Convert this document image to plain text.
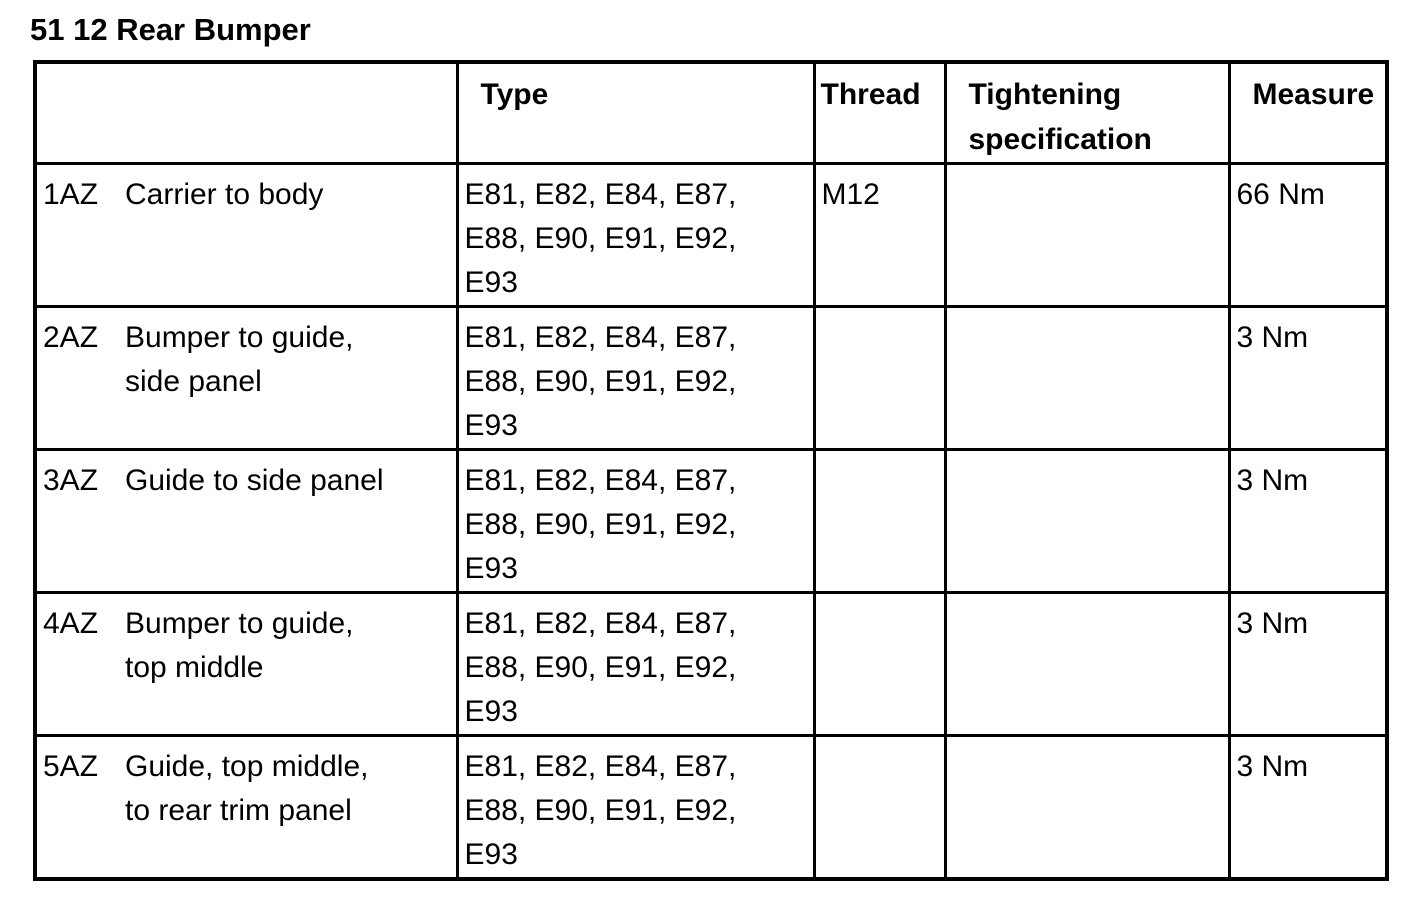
51 12 Rear Bumper
	Type	Thread	Tightening specification	Measure

1AZ Carrier to body	E81, E82, E84, E87, E88, E90, E91, E92, E93	M12		66 Nm

2AZ Bumper to guide, side panel	E81, E82, E84, E87, E88, E90, E91, E92, E93			3 Nm

3AZ Guide to side panel	E81, E82, E84, E87, E88, E90, E91, E92, E93			3 Nm

4AZ Bumper to guide, top middle	E81, E82, E84, E87, E88, E90, E91, E92, E93			3 Nm

5AZ Guide, top middle, to rear trim panel	E81, E82, E84, E87, E88, E90, E91, E92, E93			3 Nm
